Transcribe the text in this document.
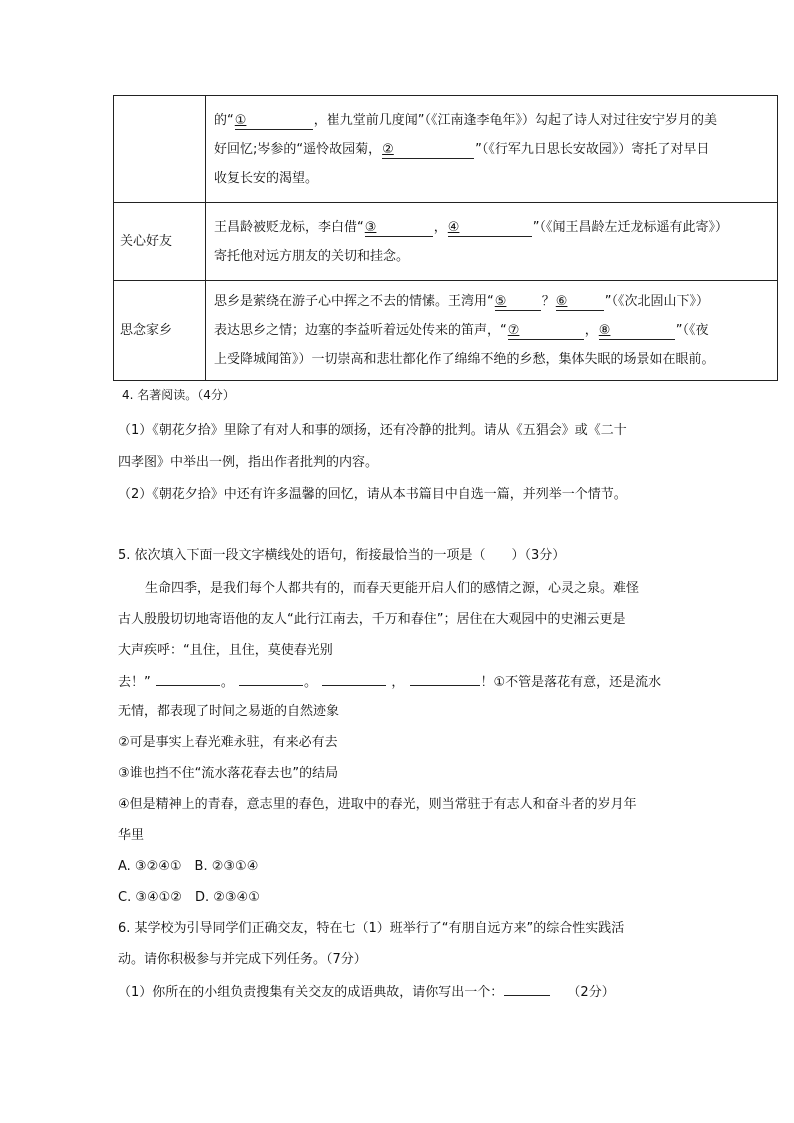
	的“① ，崔九堂前几度闻”（《江南逢李龟年》）勾起了诗人对过往安宁岁月的美
好回忆;岑参的“遥怜故园菊，② ”（《行军九日思长安故园》）寄托了对早日
收复长安的渴望。

关心好友	王昌龄被贬龙标，李白借“③ ，④ ”（《闻王昌龄左迁龙标遥有此寄》）
寄托他对远方朋友的关切和挂念。

思念家乡	思乡是萦绕在游子心中挥之不去的情愫。王湾用“⑤ ？⑥ ”（《次北固山下》）
表达思乡之情；边塞的李益听着远处传来的笛声，“⑦ ，⑧ ”（《夜
上受降城闻笛》）一切崇高和悲壮都化作了绵绵不绝的乡愁，集体失眠的场景如在眼前。
4. 名著阅读。（4分）
（1）《朝花夕拾》里除了有对人和事的颂扬，还有冷静的批判。请从《五猖会》或《二十
四孝图》中举出一例，指出作者批判的内容。
（2）《朝花夕拾》中还有许多温馨的回忆，请从本书篇目中自选一篇，并列举一个情节。
5. 依次填入下面一段文字横线处的语句，衔接最恰当的一项是（　　）（3分）
生命四季，是我们每个人都共有的，而春天更能开启人们的感情之源，心灵之泉。难怪
古人殷殷切切地寄语他的友人“此行江南去，千万和春住”；居住在大观园中的史湘云更是
大声疾呼：“且住，且住，莫使春光别
去！”	。	。	，	！①不管是落花有意，还是流水
无情，都表现了时间之易逝的自然迹象
②可是事实上春光难永驻，有来必有去
③谁也挡不住“流水落花春去也”的结局
④但是精神上的青春，意志里的春色，进取中的春光，则当常驻于有志人和奋斗者的岁月年
华里
A. ③②④①　B. ②③①④
C. ③④①②　D. ②③④①
6. 某学校为引导同学们正确交友，特在七（1）班举行了“有朋自远方来”的综合性实践活
动。请你积极参与并完成下列任务。（7分）
（1）你所在的小组负责搜集有关交友的成语典故，请你写出一个：	（2分）
